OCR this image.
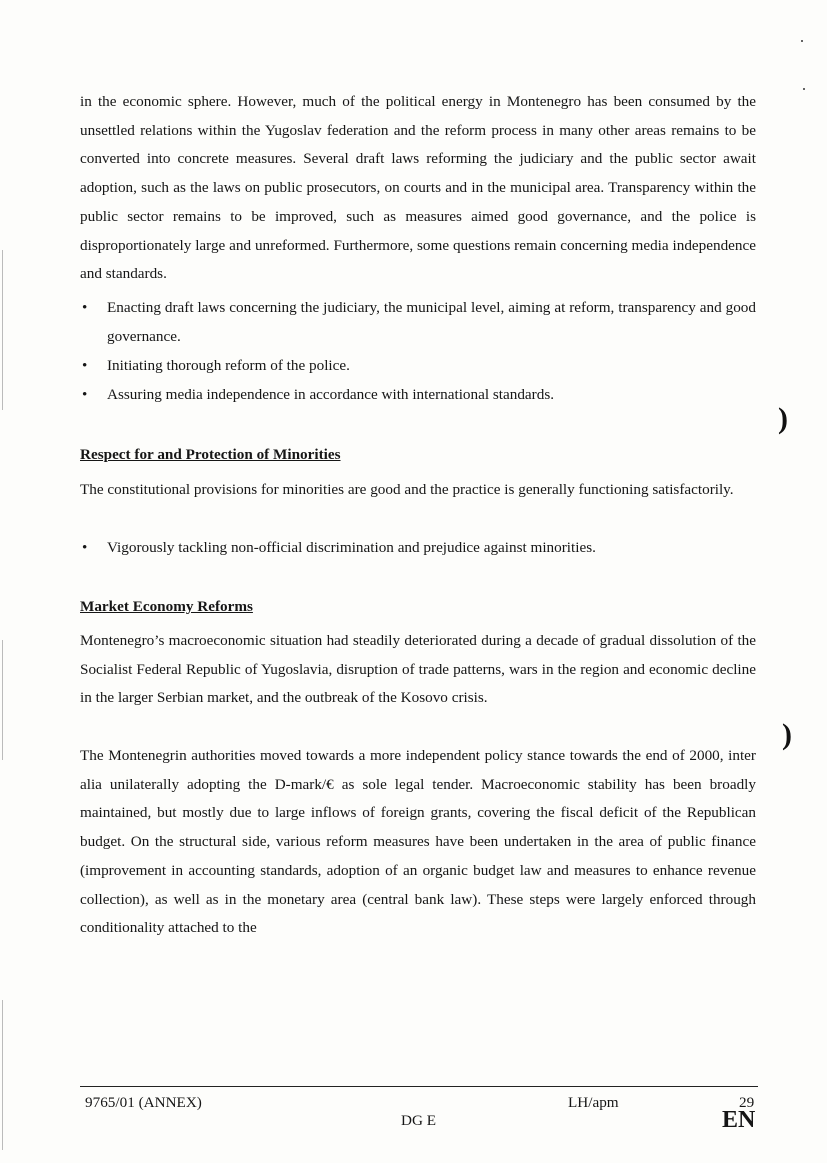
)
)

in the economic sphere. However, much of the political energy in Montenegro has been consumed by the unsettled relations within the Yugoslav federation and the reform process in many other areas remains to be converted into concrete measures. Several draft laws reforming the judiciary and the public sector await adoption, such as the laws on public prosecutors, on courts and in the municipal area. Transparency within the public sector remains to be improved, such as measures aimed good governance, and the police is disproportionately large and unreformed. Furthermore, some questions remain concerning media independence and standards.

• Enacting draft laws concerning the judiciary, the municipal level, aiming at reform, transparency and good governance.
• Initiating thorough reform of the police.
• Assuring media independence in accordance with international standards.
Respect for and Protection of Minorities

The constitutional provisions for minorities are good and the practice is generally functioning satisfactorily.

• Vigorously tackling non-official discrimination and prejudice against minorities.
Market Economy Reforms

Montenegro’s macroeconomic situation had steadily deteriorated during a decade of gradual dissolution of the Socialist Federal Republic of Yugoslavia, disruption of trade patterns, wars in the region and economic decline in the larger Serbian market, and the outbreak of the Kosovo crisis.

The Montenegrin authorities moved towards a more independent policy stance towards the end of 2000, inter alia unilaterally adopting the D-mark/€ as sole legal tender. Macroeconomic stability has been broadly maintained, but mostly due to large inflows of foreign grants, covering the fiscal deficit of the Republican budget. On the structural side, various reform measures have been undertaken in the area of public finance (improvement in accounting standards, adoption of an organic budget law and measures to enhance revenue collection), as well as in the monetary area (central bank law). These steps were largely enforced through conditionality attached to the

9765/01 (ANNEX)	LH/apm	29
DG E	EN
